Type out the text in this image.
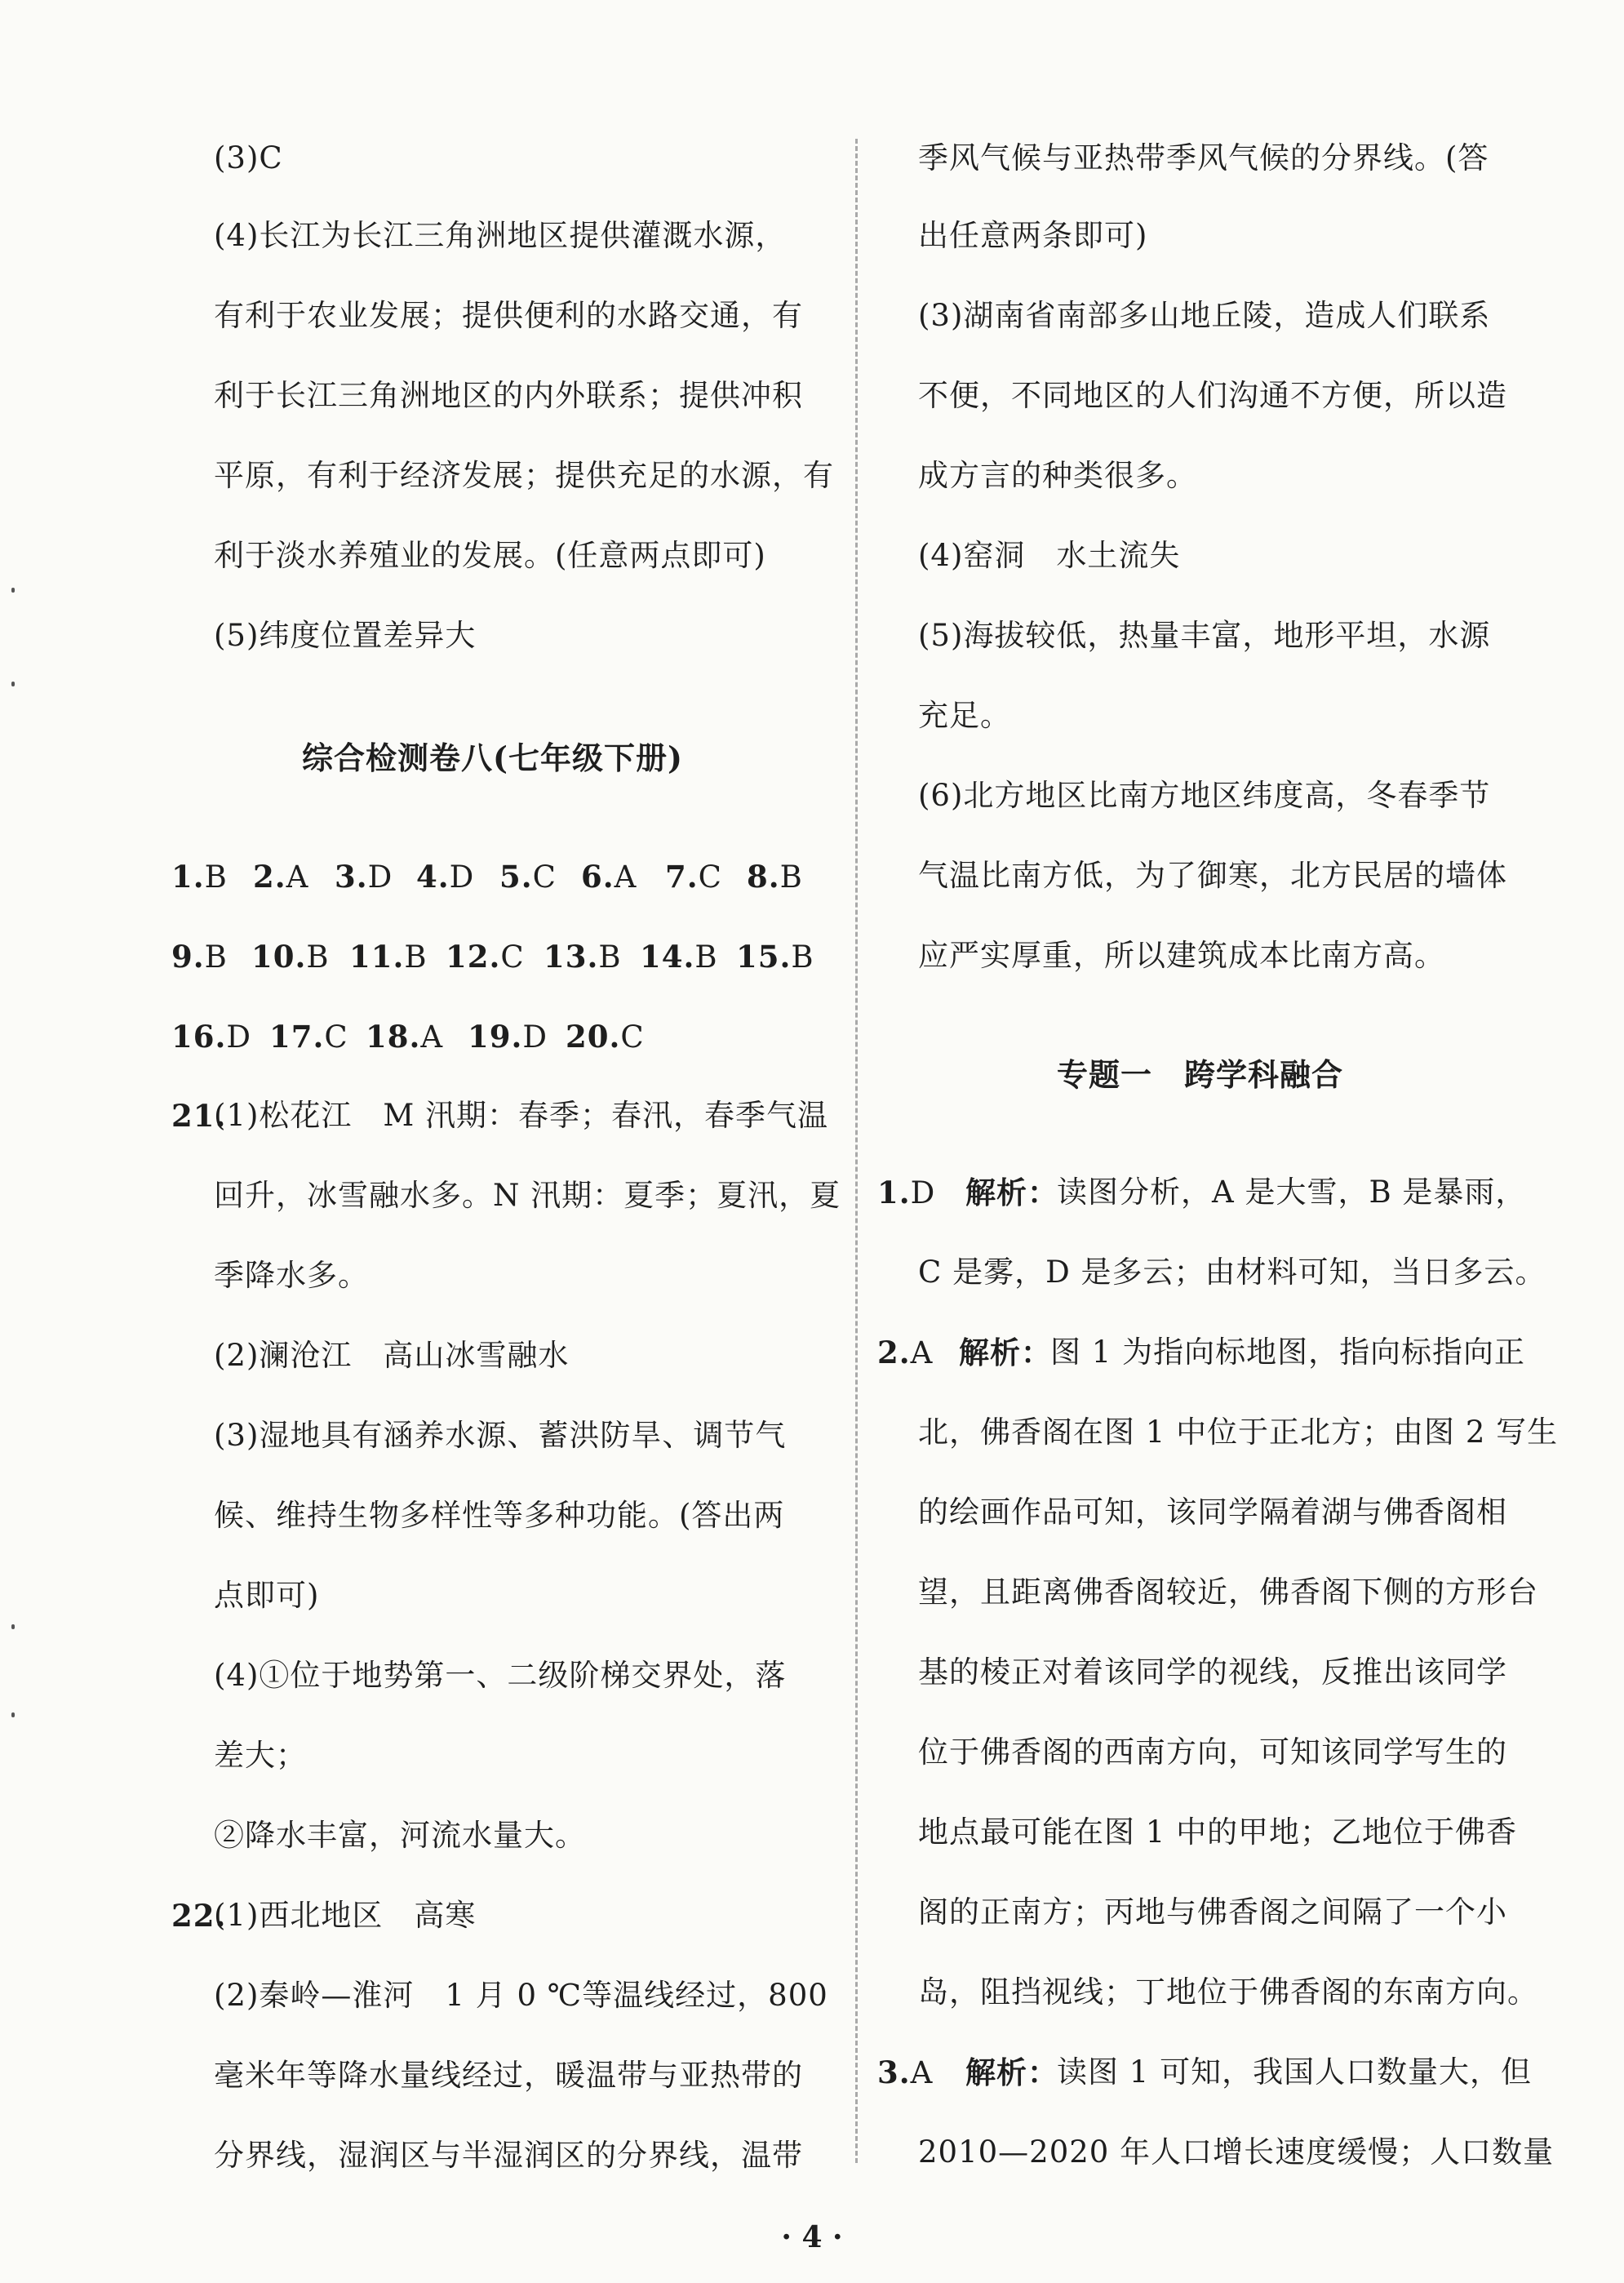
(3)C
(4)长江为长江三角洲地区提供灌溉水源，
有利于农业发展；提供便利的水路交通，有
利于长江三角洲地区的内外联系；提供冲积
平原，有利于经济发展；提供充足的水源，有
利于淡水养殖业的发展。(任意两点即可)
(5)纬度位置差异大
综合检测卷八(七年级下册)
1.B 2.A 3.D 4.D 5.C 6.A 7.C 8.B
9.B 10.B 11.B 12.C 13.B 14.B 15.B
16.D 17.C 18.A 19.D 20.C
21.
(1)松花江　M 汛期：春季；春汛，春季气温
回升，冰雪融水多。N 汛期：夏季；夏汛，夏
季降水多。
(2)澜沧江　高山冰雪融水
(3)湿地具有涵养水源、蓄洪防旱、调节气
候、维持生物多样性等多种功能。(答出两
点即可)
(4)①位于地势第一、二级阶梯交界处，落
差大；
②降水丰富，河流水量大。
22.
(1)西北地区　高寒
(2)秦岭—淮河　1 月 0 ℃等温线经过，800
毫米年等降水量线经过，暖温带与亚热带的
分界线，湿润区与半湿润区的分界线，温带
季风气候与亚热带季风气候的分界线。(答
出任意两条即可)
(3)湖南省南部多山地丘陵，造成人们联系
不便，不同地区的人们沟通不方便，所以造
成方言的种类很多。
(4)窑洞　水土流失
(5)海拔较低，热量丰富，地形平坦，水源
充足。
(6)北方地区比南方地区纬度高，冬春季节
气温比南方低，为了御寒，北方民居的墙体
应严实厚重，所以建筑成本比南方高。
专题一　跨学科融合
1.D 解析：
读图分析，A 是大雪，B 是暴雨，
C 是雾，D 是多云；由材料可知，当日多云。
2.A 解析：
图 1 为指向标地图，指向标指向正
北，佛香阁在图 1 中位于正北方；由图 2 写生
的绘画作品可知，该同学隔着湖与佛香阁相
望，且距离佛香阁较近，佛香阁下侧的方形台
基的棱正对着该同学的视线，反推出该同学
位于佛香阁的西南方向，可知该同学写生的
地点最可能在图 1 中的甲地；乙地位于佛香
阁的正南方；丙地与佛香阁之间隔了一个小
岛，阻挡视线；丁地位于佛香阁的东南方向。
3.A 解析：
读图 1 可知，我国人口数量大，但
2010—2020 年人口增长速度缓慢；人口数量
· 4 ·
